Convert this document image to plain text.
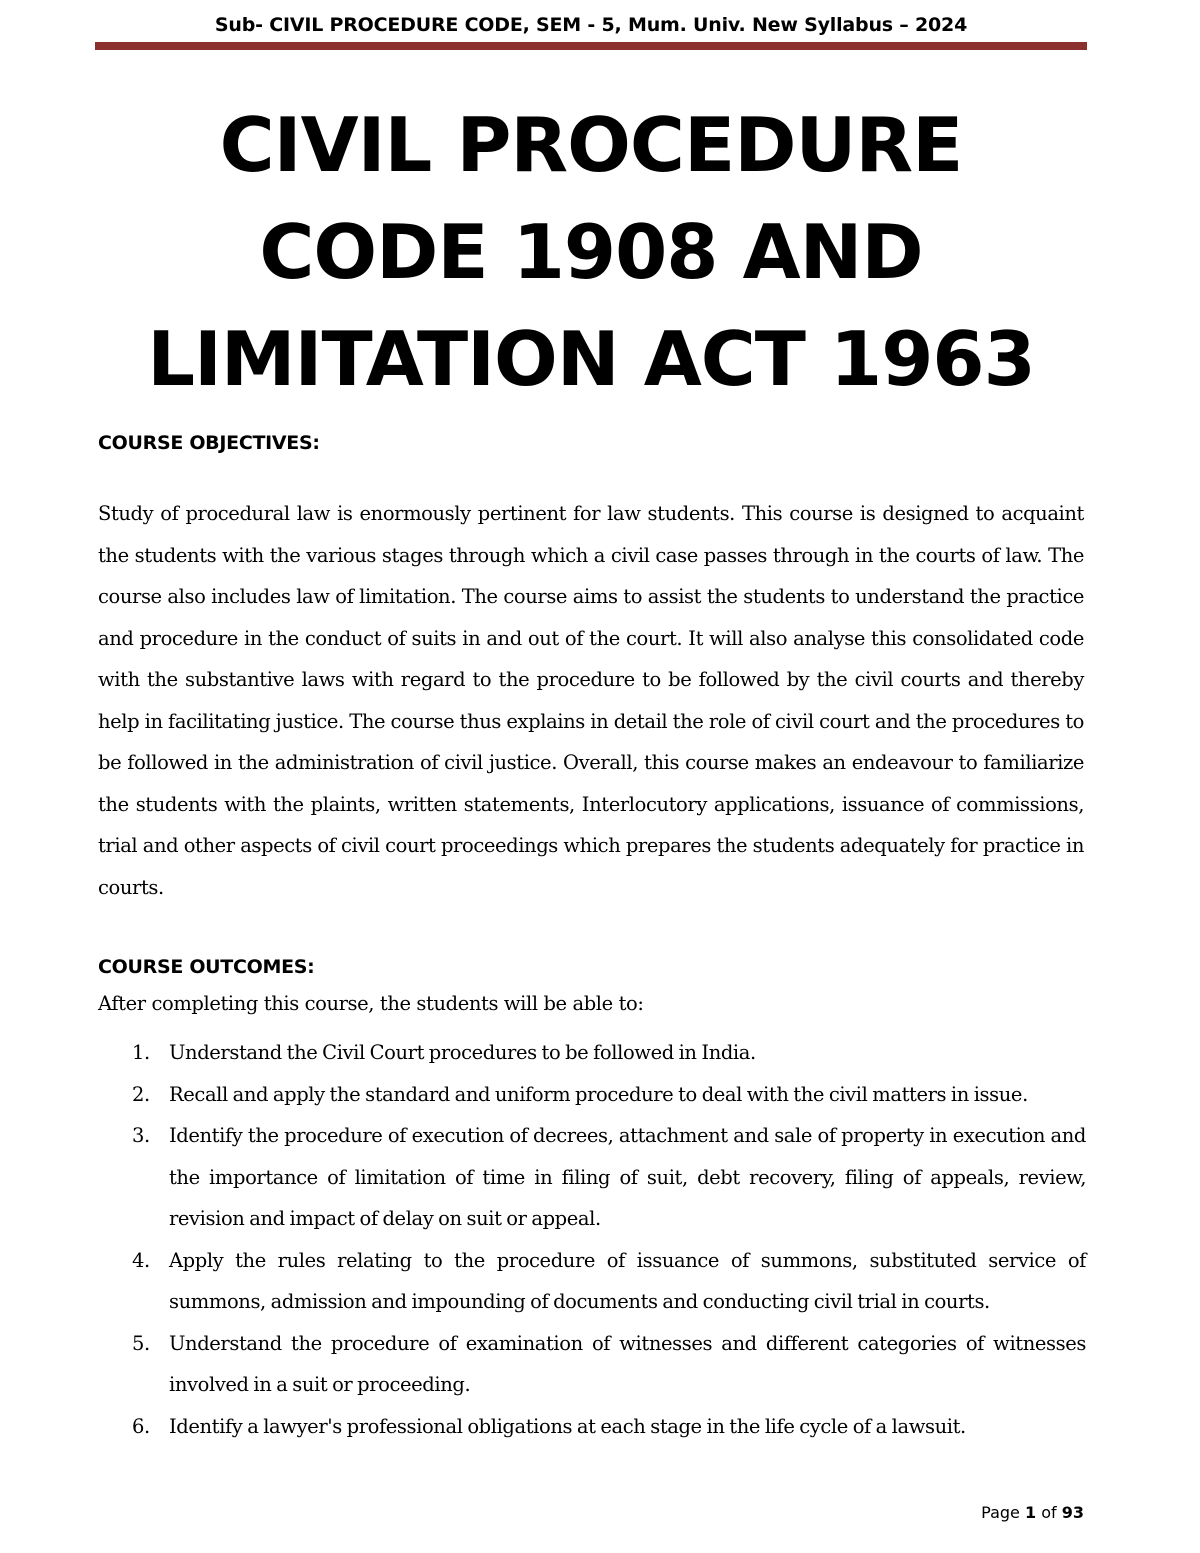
Sub- CIVIL PROCEDURE CODE, SEM - 5, Mum. Univ. New Syllabus – 2024
CIVIL PROCEDURE
CODE 1908 AND
LIMITATION ACT 1963
COURSE OBJECTIVES:

Study of procedural law is enormously pertinent for law students. This course is designed to acquaint the students with the various stages through which a civil case passes through in the courts of law. The course also includes law of limitation. The course aims to assist the students to understand the practice and procedure in the conduct of suits in and out of the court. It will also analyse this consolidated code with the substantive laws with regard to the procedure to be followed by the civil courts and thereby help in facilitating justice. The course thus explains in detail the role of civil court and the procedures to be followed in the administration of civil justice. Overall, this course makes an endeavour to familiarize the students with the plaints, written statements, Interlocutory applications, issuance of commissions, trial and other aspects of civil court proceedings which prepares the students adequately for practice in courts.

COURSE OUTCOMES:
After completing this course, the students will be able to:
1. Understand the Civil Court procedures to be followed in India.
2. Recall and apply the standard and uniform procedure to deal with the civil matters in issue.
3. Identify the procedure of execution of decrees, attachment and sale of property in execution and the importance of limitation of time in filing of suit, debt recovery, filing of appeals, review, revision and impact of delay on suit or appeal.
4. Apply the rules relating to the procedure of issuance of summons, substituted service of summons, admission and impounding of documents and conducting civil trial in courts.
5. Understand the procedure of examination of witnesses and different categories of witnesses involved in a suit or proceeding.
6. Identify a lawyer's professional obligations at each stage in the life cycle of a lawsuit.
Page 1 of 93
